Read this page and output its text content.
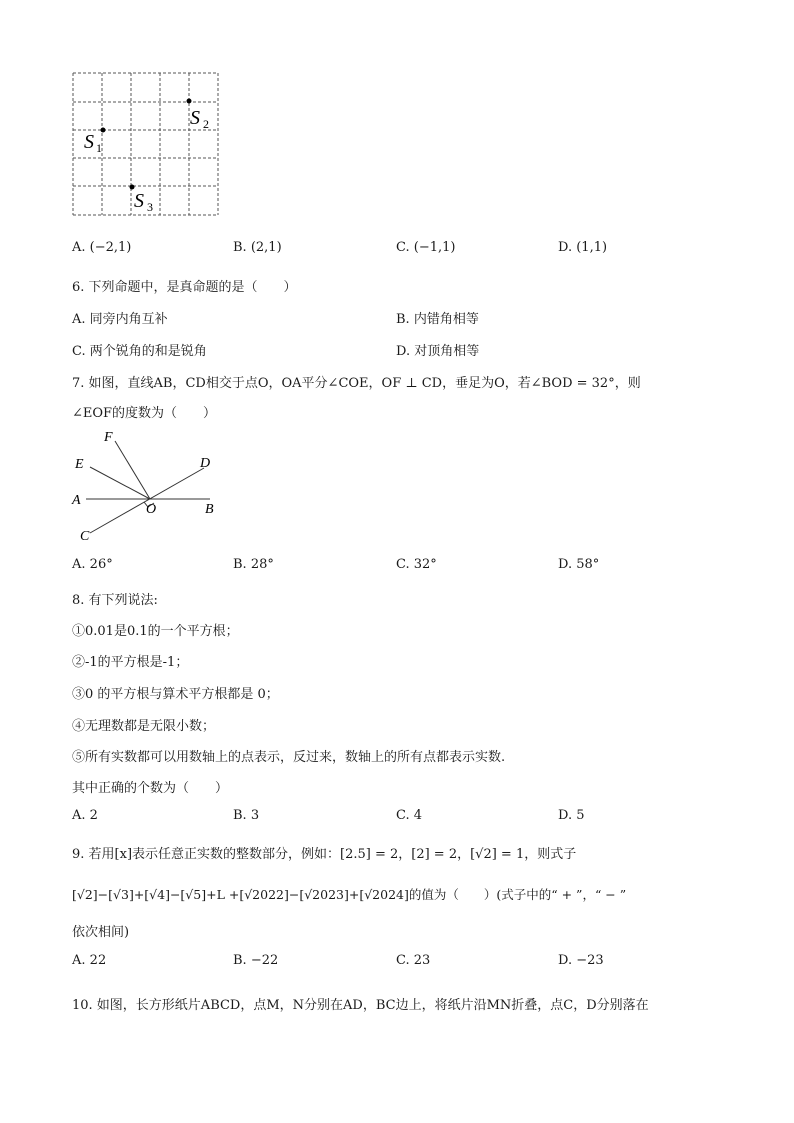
S 1
S 2
S 3
A. (−2,1)	B. (2,1)	C. (−1,1)	D. (1,1)
6. 下列命题中，是真命题的是（　　）
A. 同旁内角互补	B. 内错角相等
C. 两个锐角的和是锐角	D. 对顶角相等
7. 如图，直线AB，CD相交于点O，OA平分∠COE，OF ⊥ CD，垂足为O，若∠BOD = 32°，则
∠EOF的度数为（　　）
F
E	D
A
O	B
C
A. 26°	B. 28°	C. 32°	D. 58°
8. 有下列说法:
①0.01是0.1的一个平方根；
②-1的平方根是-1；
③0 的平方根与算术平方根都是 0；
④无理数都是无限小数；
⑤所有实数都可以用数轴上的点表示，反过来，数轴上的所有点都表示实数.
其中正确的个数为（　　）
A. 2	B. 3	C. 4	D. 5
9. 若用[x]表示任意正实数的整数部分，例如：[2.5] = 2，[2] = 2，[√2] = 1，则式子
[√2]−[√3]+[√4]−[√5]+L +[√2022]−[√2023]+[√2024]的值为（　　）(式子中的“ + ”，“ − ”
依次相间)
A. 22	B. −22	C. 23	D. −23
10. 如图，长方形纸片ABCD，点M，N分别在AD，BC边上，将纸片沿MN折叠，点C，D分别落在
